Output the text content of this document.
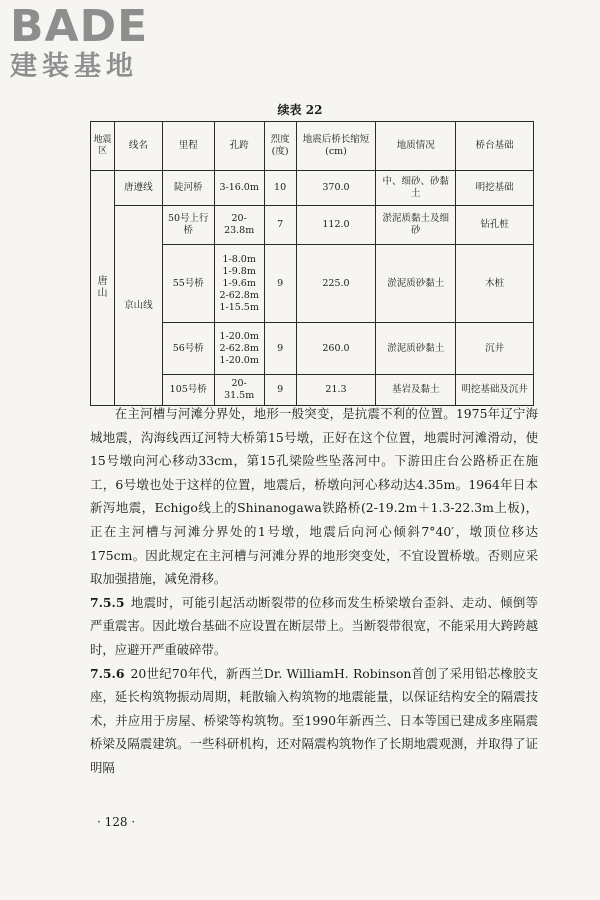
BADE
建装基地
续表 22
地震区	线名	里程	孔跨	烈度(度)	地震后桥长缩短(cm)	地质情况	桥台基础
唐山	唐遵线	陡河桥	3-16.0m	10	370.0	中、细砂、砂黏土	明挖基础
	京山线	50号上行桥	20-23.8m	7	112.0	淤泥质黏土及细砂	钻孔桩
		55号桥	1-8.0m
1-9.8m
1-9.6m
2-62.8m
1-15.5m	9	225.0	淤泥质砂黏土	木桩
		56号桥	1-20.0m
2-62.8m
1-20.0m	9	260.0	淤泥质砂黏土	沉井
		105号桥	20-31.5m	9	21.3	基岩及黏土	明挖基础及沉井

在主河槽与河滩分界处，地形一般突变，是抗震不利的位置。1975年辽宁海城地震，沟海线西辽河特大桥第15号墩，正好在这个位置，地震时河滩滑动，使15号墩向河心移动33cm，第15孔梁险些坠落河中。下游田庄台公路桥正在施工，6号墩也处于这样的位置，地震后，桥墩向河心移动达4.35m。1964年日本新泻地震，Echigo线上的Shinanogawa铁路桥(2-19.2m＋1.3-22.3m上板)，正在主河槽与河滩分界处的1号墩，地震后向河心倾斜7°40′，墩顶位移达175cm。因此规定在主河槽与河滩分界的地形突变处，不宜设置桥墩。否则应采取加强措施，减免滑移。

7.5.5 地震时，可能引起活动断裂带的位移而发生桥梁墩台歪斜、走动、倾倒等严重震害。因此墩台基础不应设置在断层带上。当断裂带很宽，不能采用大跨跨越时，应避开严重破碎带。

7.5.6 20世纪70年代，新西兰Dr. WilliamH. Robinson首创了采用铅芯橡胶支座，延长构筑物振动周期，耗散输入构筑物的地震能量，以保证结构安全的隔震技术，并应用于房屋、桥梁等构筑物。至1990年新西兰、日本等国已建成多座隔震桥梁及隔震建筑。一些科研机构，还对隔震构筑物作了长期地震观测，并取得了证明隔

· 128 ·
